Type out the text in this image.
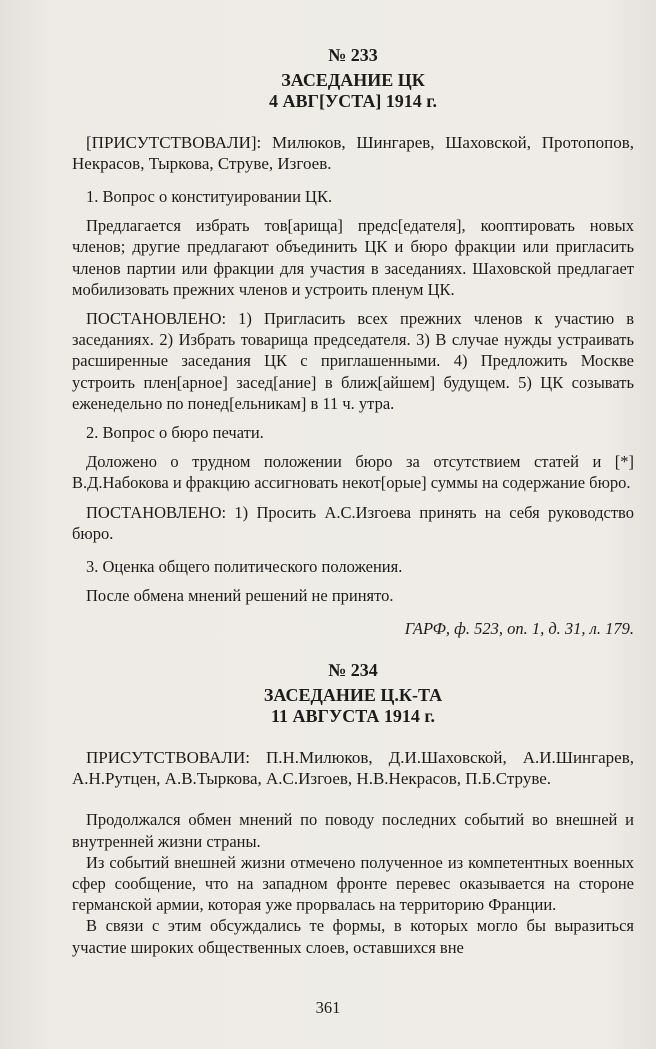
№ 233
ЗАСЕДАНИЕ ЦК
4 АВГ[УСТА] 1914 г.

[ПРИСУТСТВОВАЛИ]: Милюков, Шингарев, Шаховской, Протопопов, Некрасов, Тыркова, Струве, Изгоев.

1. Вопрос о конституировании ЦК.

Предлагается избрать тов[арища] предс[едателя], кооптировать новых членов; другие предлагают объединить ЦК и бюро фракции или пригласить членов партии или фракции для участия в заседаниях. Шаховской предлагает мобилизовать прежних членов и устроить пленум ЦК.

ПОСТАНОВЛЕНО: 1) Пригласить всех прежних членов к участию в заседаниях. 2) Избрать товарища председателя. 3) В случае нужды устраивать расширенные заседания ЦК с приглашенными. 4) Предложить Москве устроить плен[арное] засед[ание] в ближ[айшем] будущем. 5) ЦК созывать еженедельно по понед[ельникам] в 11 ч. утра.

2. Вопрос о бюро печати.

Доложено о трудном положении бюро за отсутствием статей и [*] В.Д.Набокова и фракцию ассигновать некот[орые] суммы на содержание бюро.

ПОСТАНОВЛЕНО: 1) Просить А.С.Изгоева принять на себя руководство бюро.

3. Оценка общего политического положения.

После обмена мнений решений не принято.

ГАРФ, ф. 523, оп. 1, д. 31, л. 179.
№ 234
ЗАСЕДАНИЕ Ц.К-ТА
11 АВГУСТА 1914 г.

ПРИСУТСТВОВАЛИ: П.Н.Милюков, Д.И.Шаховской, А.И.Шингарев, А.Н.Рутцен, А.В.Тыркова, А.С.Изгоев, Н.В.Некрасов, П.Б.Струве.

Продолжался обмен мнений по поводу последних событий во внешней и внутренней жизни страны.

Из событий внешней жизни отмечено полученное из компетентных военных сфер сообщение, что на западном фронте перевес оказывается на стороне германской армии, которая уже прорвалась на территорию Франции.

В связи с этим обсуждались те формы, в которых могло бы выразиться участие широких общественных слоев, оставшихся вне

361
